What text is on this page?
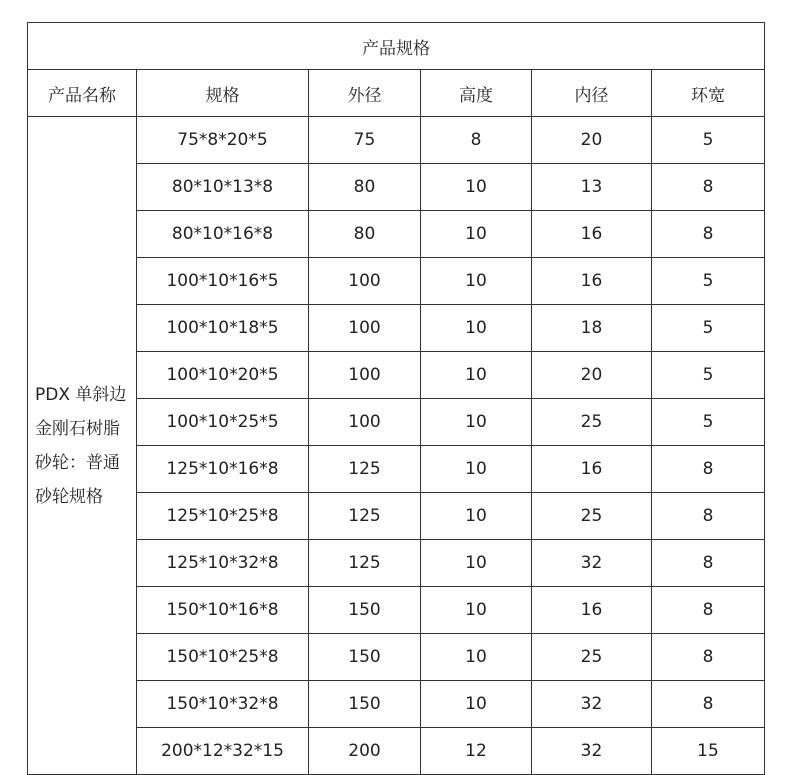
产品规格					
产品名称	规格	外径	高度	内径	环宽

PDX 单斜边
金刚石树脂
砂轮：普通
砂轮规格	75*8*20*5	75	8	20	5
	80*10*13*8	80	10	13	8
	80*10*16*8	80	10	16	8
	100*10*16*5	100	10	16	5
	100*10*18*5	100	10	18	5
	100*10*20*5	100	10	20	5
	100*10*25*5	100	10	25	5
	125*10*16*8	125	10	16	8
	125*10*25*8	125	10	25	8
	125*10*32*8	125	10	32	8
	150*10*16*8	150	10	16	8
	150*10*25*8	150	10	25	8
	150*10*32*8	150	10	32	8
	200*12*32*15	200	12	32	15
